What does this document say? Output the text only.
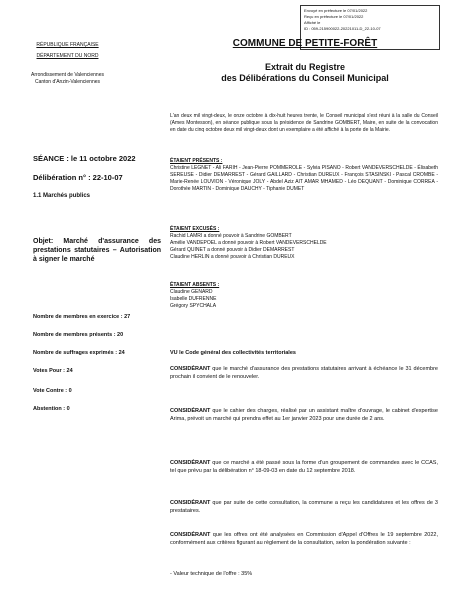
Envoyé en préfecture le 07/01/2022
Reçu en préfecture le 07/01/2022
Affiché le
ID : 059-215900022-20221011-D_22-10-07
COMMUNE DE PETITE-FORÊT
Extrait du Registre
des Délibérations du Conseil Municipal
RÉPUBLIQUE FRANÇAISE
DÉPARTEMENT DU NORD
Arrondissement de Valenciennes
Canton d'Anzin-Valenciennes
L'an deux mil vingt-deux, le onze octobre à dix-huit heures trente, le Conseil municipal s'est réuni à la salle du Conseil (Ames Montesson), en séance publique sous la présidence de Sandrine GOMBERT, Maire, en suite de la convocation en date du cinq octobre deux mil vingt-deux dont un exemplaire a été affiché à la porte de la Mairie.
SÉANCE : le 11 octobre 2022
Délibération n° : 22-10-07
1.1 Marchés publics
ÉTAIENT PRÉSENTS :
Christine LEGNET - Ali FARIH - Jean-Pierre POMMEROLE - Sylvia PISANO - Robert VANDEVERSCHELDE - Élisabeth SEREUSE - Didier DEMARREST - Gérard GAILLARD - Christian DUREUX - François STASINSKI - Pascal CROMBE - Marie-Renée LOUVION - Véronique JOLY - Abdel Aziz AIT AMAR MHAMED - Léo DEQUANT - Dominique CORREA - Dorothée MARTIN - Dominique DAUCHY - Tiphanie DUMET
ÉTAIENT EXCUSÉS :
Rachid LAMRI a donné pouvoir à Sandrine GOMBERT
Amélie VANDEPOEL a donné pouvoir à Robert VANDEVERSCHELDE
Gérard QUINET a donné pouvoir à Didier DEMARREST
Claudine HERLIN a donné pouvoir à Christian DUREUX
ÉTAIENT ABSENTS :
Claudine GENARD
Isabelle DUFRENNE
Grégory SPYCHALA
Objet: Marché d'assurance des prestations statutaires – Autorisation à signer le marché
Nombre de membres en exercice : 27
Nombre de membres présents : 20
Nombre de suffrages exprimés : 24
Votes Pour : 24
Vote Contre : 0
Abstention : 0
VU le Code général des collectivités territoriales
CONSIDÉRANT que le marché d'assurance des prestations statutaires arrivant à échéance le 31 décembre prochain il convient de le renouveler.
CONSIDÉRANT que le cahier des charges, réalisé par un assistant maître d'ouvrage, le cabinet d'expertise Arima, prévoit un marché qui prendra effet au 1er janvier 2023 pour une durée de 2 ans.
CONSIDÉRANT que ce marché a été passé sous la forme d'un groupement de commandes avec le CCAS, tel que prévu par la délibération n° 18-09-03 en date du 12 septembre 2018.
CONSIDÉRANT que par suite de cette consultation, la commune a reçu les candidatures et les offres de 3 prestataires.
CONSIDÉRANT que les offres ont été analysées en Commission d'Appel d'Offres le 19 septembre 2022, conformément aux critères figurant au règlement de la consultation, selon la pondération suivante :
- Valeur technique de l'offre : 35%
